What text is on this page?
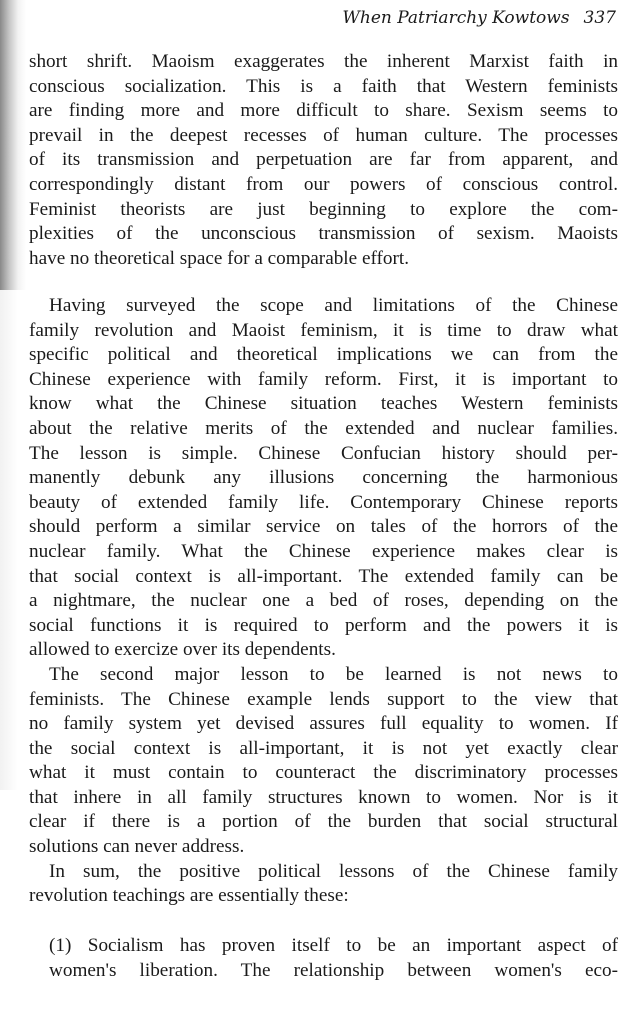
When Patriarchy Kowtows 337
short shrift. Maoism exaggerates the inherent Marxist faith in
conscious socialization. This is a faith that Western feminists
are finding more and more difficult to share. Sexism seems to
prevail in the deepest recesses of human culture. The processes
of its transmission and perpetuation are far from apparent, and
correspondingly distant from our powers of conscious control.
Feminist theorists are just beginning to explore the com-
plexities of the unconscious transmission of sexism. Maoists
have no theoretical space for a comparable effort.
Having surveyed the scope and limitations of the Chinese
family revolution and Maoist feminism, it is time to draw what
specific political and theoretical implications we can from the
Chinese experience with family reform. First, it is important to
know what the Chinese situation teaches Western feminists
about the relative merits of the extended and nuclear families.
The lesson is simple. Chinese Confucian history should per-
manently debunk any illusions concerning the harmonious
beauty of extended family life. Contemporary Chinese reports
should perform a similar service on tales of the horrors of the
nuclear family. What the Chinese experience makes clear is
that social context is all-important. The extended family can be
a nightmare, the nuclear one a bed of roses, depending on the
social functions it is required to perform and the powers it is
allowed to exercize over its dependents.
The second major lesson to be learned is not news to
feminists. The Chinese example lends support to the view that
no family system yet devised assures full equality to women. If
the social context is all-important, it is not yet exactly clear
what it must contain to counteract the discriminatory processes
that inhere in all family structures known to women. Nor is it
clear if there is a portion of the burden that social structural
solutions can never address.
In sum, the positive political lessons of the Chinese family
revolution teachings are essentially these:
(1) Socialism has proven itself to be an important aspect of
women's liberation. The relationship between women's eco-
